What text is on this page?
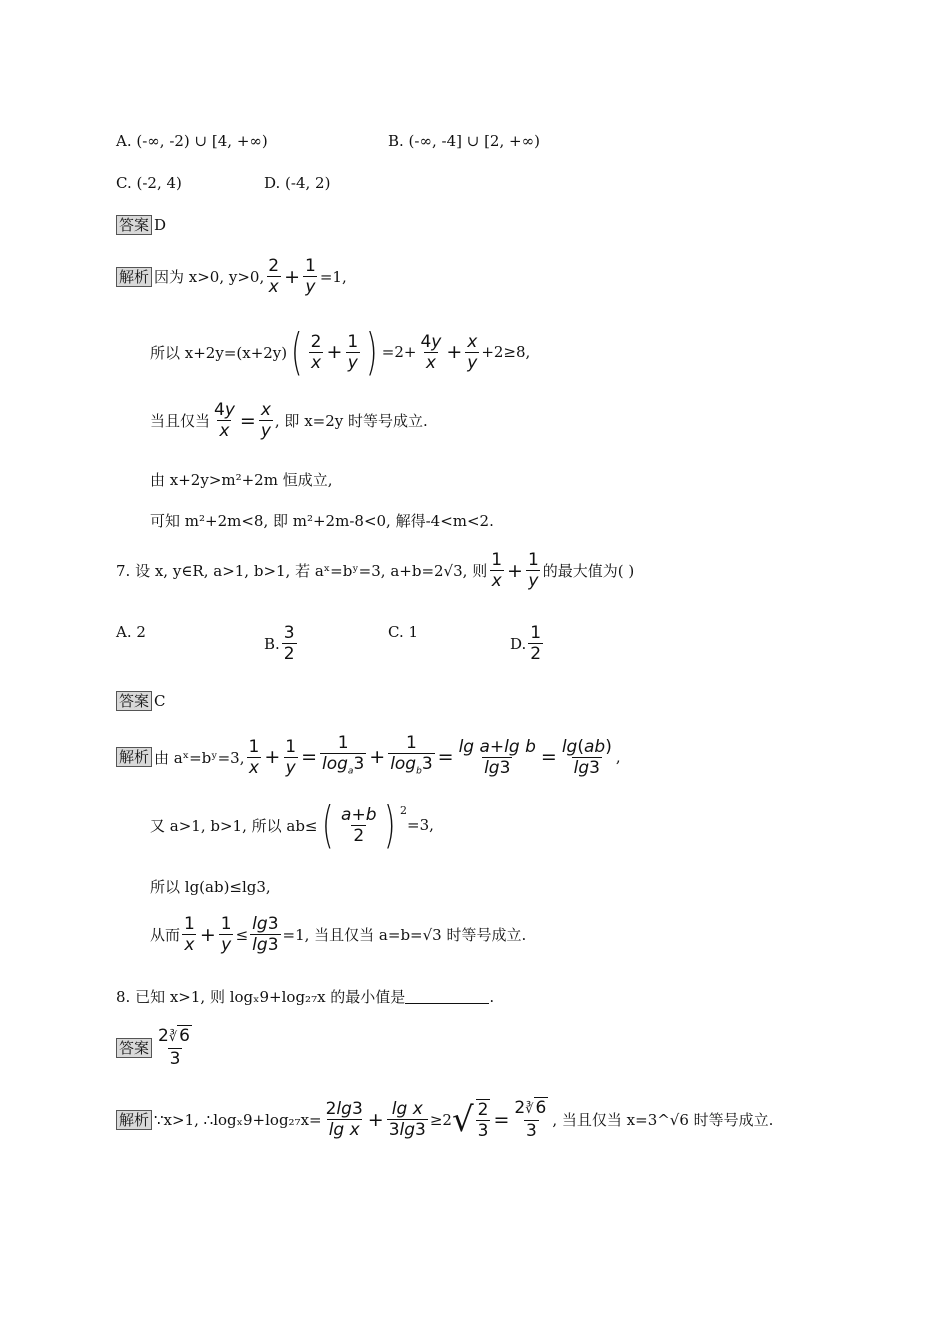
A. (-∞, -2) ∪ [4, +∞)	B. (-∞, -4] ∪ [2, +∞)
C. (-2, 4)	D. (-4, 2)
答案 D
解析 因为 x>0, y>0, $\frac{2}{x} + \frac{1}{y} =1$,
所以 x+2y=(x+2y) ( $\frac{2}{x} + \frac{1}{y}$ ) $=2+ \frac{4y}{x} + \frac{x}{y} +2\ge 8$,
当且仅当 $\frac{4y}{x} = \frac{x}{y}$ , 即 x=2y 时等号成立.
由 x+2y>m²+2m 恒成立,
可知 m²+2m<8, 即 m²+2m-8<0, 解得-4<m<2.
7. 设 x, y∈R, a>1, b>1, 若 aˣ=bʸ=3, a+b=2√3, 则 $\frac{1}{x} + \frac{1}{y}$ 的最大值为( )
A. 2
B. $\frac{3}{2}$	C. 1
D. $\frac{1}{2}$
答案 C
解析 由 aˣ=bʸ=3, $\frac{1}{x} + \frac{1}{y} = \frac{1}{\log_a3} + \frac{1}{\log_b3} = \frac{\text{lg a+lg b}}{\lg 3} = \frac{\lg(ab)}{\lg 3}$ ,
又 a>1, b>1, 所以 ab≤ ( $\frac{a+b}{2}$ ) $^2$
=3,
所以 lg(ab)≤lg3,
从而 $\frac{1}{x} + \frac{1}{y} \le \frac{\lg 3}{\lg 3} =1$, 当且仅当 a=b=√3 时等号成立.
8. 已知 x>1, 则 logₓ9+log₂₇x 的最小值是	.
答案 $\frac{2∛ 6}{3}$
解析 ∵x>1, ∴logₓ9+log₂₇x= $\frac{2\lg 3}{\text{lg x}} + \frac{\text{lg x}}{3\lg 3} \ge 2$ √ $\frac{2}{3} = \frac{2∛ 6}{3}$ , 当且仅当 x=3^√6 时等号成立.
